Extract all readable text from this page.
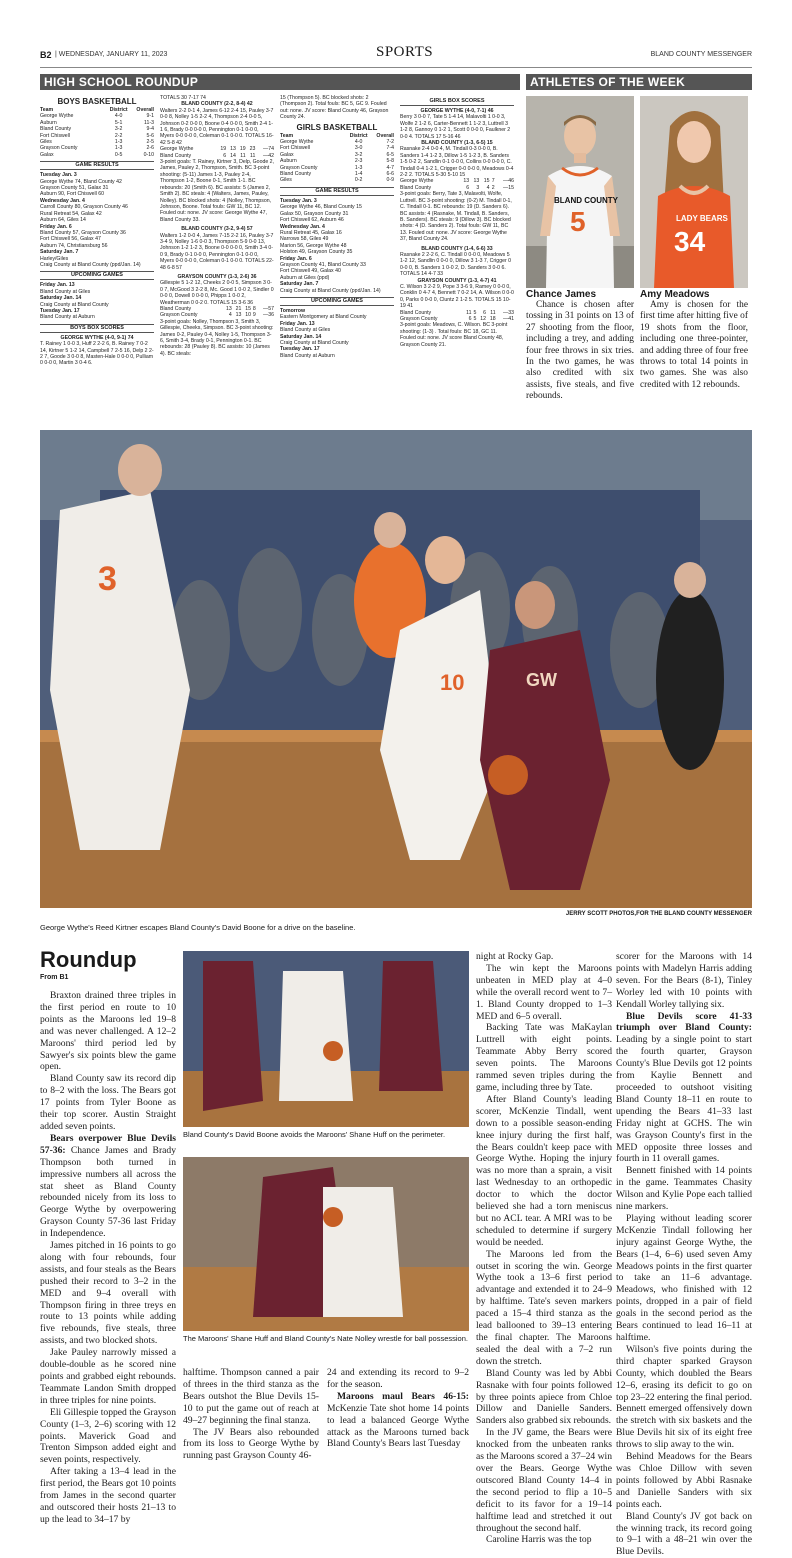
B2 | WEDNESDAY, JANUARY 11, 2023	SPORTS	BLAND COUNTY MESSENGER
HIGH SCHOOL ROUNDUP	ATHLETES OF THE WEEK
BOYS BASKETBALL
Team	District	Overall
George Wythe	4-0	9-1
Auburn	5-1	11-3
Bland County	3-2	9-4
Fort Chiswell	2-2	5-6
Giles	1-3	2-5
Grayson County	1-3	2-6
Galax	0-5	0-10
GAME RESULTS

Tuesday Jan. 3

George Wythe 74, Bland County 42

Grayson County 51, Galax 31

Auburn 90, Fort Chiswell 60

Wednesday Jan. 4

Carroll County 80, Grayson County 46

Rural Retreat 54, Galax 42

Auburn 64, Giles 14

Friday Jan. 6

Bland County 57, Grayson County 36

Fort Chiswell 56, Galax 47

Auburn 74, Christiansburg 56

Saturday Jan. 7

Harley/Giles

Craig County at Bland County (ppd/Jan. 14)

UPCOMING GAMES

Friday Jan. 13

Bland County at Giles

Saturday Jan. 14

Craig County at Bland County

Tuesday Jan. 17

Bland County at Auburn

BOYS BOX SCORES

GEORGE WYTHE (4-0, 9-1) 74

T. Rainey 1 0-0 3, Huff 2 2-2 6, B. Rainey 7 0-2 14, Kirtner 5 1-2 14, Campbell 7 2-5 16, Delp 2 2-2 7, Goode 3 0-0 8, Masten-Hale 0 0-0 0, Pulliam 0 0-0 0, Martin 3 0-4 6.

TOTALS 30 7-17 74

BLAND COUNTY (2-2, 8-4) 42

Walters 2-2 0-1 4, James 6-12 2-4 15, Pauley 3-7 0-0 8, Nolley 1-5 2-2 4, Thompson 2-4 0-0 5, Johnson 0-2 0-0 0, Boone 0-4 0-0 0, Smith 2-4 1-1 6, Brady 0-0 0-0 0, Pennington 0-1 0-0 0, Myers 0-0 0-0 0, Coleman 0-1 0-0 0. TOTALS 16-42 5-8 42

George Wythe	19	13	19	23	—74
Bland County	6	14	11	11	—42

3-point goals: T. Rainey, Kirtner 3, Delp, Goode 2, James, Pauley 2, Thompson, Smith. BC 3-point shooting: (5-11) James 1-3, Pauley 2-4, Thompson 1-2, Boone 0-1, Smith 1-1. BC rebounds: 20 (Smith 6). BC assists: 5 (James 2, Smith 2). BC steals: 4 (Walters, James, Pauley, Nolley). BC blocked shots: 4 (Nolley, Thompson, Johnson, Boone. Total fouls: GW 11, BC 12. Fouled out: none. JV score: George Wythe 47, Bland County 33.

BLAND COUNTY (3-2, 9-4) 57

Walters 1-2 0-0 4, James 7-15 2-2 16, Pauley 3-7 3-4 9, Nolley 1-6 0-0 3, Thompson 5-9 0-0 13, Johnson 1-2 1-2 3, Boone 0-0 0-0 0, Smith 3-4 0-0 9, Brady 0-1 0-0 0, Pennington 0-1 0-0 0, Myers 0-0 0-0 0, Coleman 0-1 0-0 0. TOTALS 22-48 6-8 57

GRAYSON COUNTY (1-3, 2-6) 36

Gillespie 5 1-2 12, Cheeks 2 0-0 5, Simpson 3 0-0 7, McGood 3 2-2 8, Mc. Good 1 0-0 2, Sindler 0 0-0 0, Dowell 0 0-0 0, Phipps 1 0-0 2, Weatherman 0 0-2 0. TOTALS 15 3-6 36

Bland County	13	21	15	8	—57
Grayson County	4	13	10	9	—36

3-point goals: Nolley, Thompson 3, Smith 3, Gillespie, Cheeks, Simpson. BC 3-point shooting: James 0-2, Pauley 0-4, Nolley 1-5, Thompson 3-6, Smith 3-4, Brady 0-1, Pennington 0-1. BC rebounds: 28 (Pauley 8). BC assists: 10 (James 4). BC steals:

15 (Thompson 5). BC blocked shots: 2 (Thompson 2). Total fouls: BC 5, GC 9. Fouled out: none. JV score: Bland County 46, Grayson County 24.

GIRLS BASKETBALL
Team	District	Overall
George Wythe	4-0	7-2
Fort Chiswell	3-0	7-4
Galax	3-2	6-5
Auburn	2-3	5-8
Grayson County	1-3	4-7
Bland County	1-4	6-6
Giles	0-2	0-9
GAME RESULTS

Tuesday Jan. 3

George Wythe 46, Bland County 15

Galax 50, Grayson County 31

Fort Chiswell 62, Auburn 46

Wednesday Jan. 4

Rural Retreat 45, Galax 16

Narrows 58, Giles 49

Marion 56, George Wythe 48

Holston 49, Grayson County 35

Friday Jan. 6

Grayson County 41, Bland County 33

Fort Chiswell 49, Galax 40

Auburn at Giles (ppd)

Saturday Jan. 7

Craig County at Bland County (ppd/Jan. 14)

UPCOMING GAMES

Tomorrow

Eastern Montgomery at Bland County

Friday Jan. 13

Bland County at Giles

Saturday Jan. 14

Craig County at Bland County

Tuesday Jan. 17

Bland County at Auburn

GIRLS BOX SCORES

GEORGE WYTHE (4-0, 7-1) 46

Berry 3 0-0 7, Tate 5 1-4 14, Malavolti 1 0-0 3, Wolfe 2 1-2 6, Carter-Bennett 1 1-2 3, Luttrell 3 1-2 8, Gannoy 0 1-2 1, Scott 0 0-0 0, Faulkner 2 0-0 4. TOTALS 17 5-16 46

BLAND COUNTY (1-3, 6-5) 15

Rasnake 2-4 0-0 4, M. Tindall 0-3 0-0 0, B. Sanders 1-4 1-2 3, Dillow 1-5 1-2 3, B. Sanders 1-5 0-2 2, Sandlin 0-1 0-0 0, Collins 0-0 0-0 0, C. Tindall 0-4 1-2 1, Crigger 0-0 0-0 0, Meadows 0-4 2-2 2. TOTALS 5-30 5-10 15

George Wythe	13	13	15	7	—46
Bland County	6	3	4	2	—15

3-point goals: Berry, Tate 3, Malavolti, Wolfe, Luttrell. BC 3-point shooting: (0-2) M. Tindall 0-1, C. Tindall 0-1. BC rebounds: 19 (D. Sanders 6). BC assists: 4 (Rasnake, M. Tindall, B. Sanders, B. Sanders). BC steals: 9 (Dillow 3). BC blocked shots: 4 (D. Sanders 2). Total fouls: GW 11, BC 13. Fouled out: none. JV score: George Wythe 37, Bland County 24.

BLAND COUNTY (1-4, 6-6) 33

Rasnake 2 2-2 6, C. Tindall 0 0-0 0, Meadows 5 1-2 12, Sandlin 0 0-0 0, Dillow 3 1-3 7, Crigger 0 0-0 0, B. Sanders 1 0-0 2, D. Sanders 3 0-0 6. TOTALS 14 4-7 33

GRAYSON COUNTY (1-3, 4-7) 41

C. Wilson 3 2-2 9, Pope 3 3-6 9, Ramey 0 0-0 0, Conklin 0 4-7 4, Bennett 7 0-2 14, A. Wilson 0 0-0 0, Parks 0 0-0 0, Cluntz 2 1-2 5. TOTALS 15 10-19 41

Bland County	11	5	6	11	—33
Grayson County	6	5	12	18	—41

3-point goals: Meadows, C. Wilson. BC 3-point shooting: (1-3) . Total fouls: BC 18, GC 11. Fouled out: none. JV score Bland County 48, Grayson County 21.

BLAND COUNTY
5	LADY BEARS
34
Chance James

Chance is chosen after tossing in 31 points on 13 of 27 shooting from the floor, including a trey, and adding four free throws in six tries. In the two games, he was also credited with six assists, five steals, and five rebounds.

Amy Meadows

Amy is chosen for the first time after hitting five of 19 shots from the floor, including one three-pointer, and adding three of four free throws to total 14 points in two games. She was also credited with 12 rebounds.

3
10	GW
JERRY SCOTT PHOTOS,FOR THE BLAND COUNTY MESSENGER
George Wythe's Reed Kirtner escapes Bland County's David Boone for a drive on the baseline.
Roundup
From B1

Braxton drained three triples in the first period en route to 10 points as the Maroons led 19–8 and was never challenged. A 12–2 Maroons' third period led by Sawyer's six points blew the game open.

Bland County saw its record dip to 8–2 with the loss. The Bears got 17 points from Tyler Boone as their top scorer. Austin Straight added seven points.

Bears overpower Blue Devils 57-36: Chance James and Brady Thompson both turned in impressive numbers all across the stat sheet as Bland County rebounded nicely from its loss to George Wythe by overpowering Grayson County 57-36 last Friday in Independence.

James pitched in 16 points to go along with four rebounds, four assists, and four steals as the Bears pushed their record to 3–2 in the MED and 9–4 overall with Thompson firing in three treys en route to 13 points while adding five rebounds, five steals, three assists, and two blocked shots.

Jake Pauley narrowly missed a double-double as he scored nine points and grabbed eight rebounds. Teammate Landon Smith dropped in three triples for nine points.

Eli Gillespie topped the Grayson County (1–3, 2–6) scoring with 12 points. Maverick Goad and Trenton Simpson added eight and seven points, respectively.

After taking a 13–4 lead in the first period, the Bears got 10 points from James in the second quarter and outscored their hosts 21–13 to up the lead to 34–17 by

Bland County's David Boone avoids the Maroons' Shane Huff on the perimeter.
The Maroons' Shane Huff and Bland County's Nate Nolley wrestle for ball possession.

halftime. Thompson canned a pair of threes in the third stanza as the Bears outshot the Blue Devils 15-10 to put the game out of reach at 49–27 beginning the final stanza.

The JV Bears also rebounded from its loss to George Wythe by running past Grayson County 46-

24 and extending its record to 9–2 for the season.

Maroons maul Bears 46-15: McKenzie Tate shot home 14 points to lead a balanced George Wythe attack as the Maroons turned back Bland County's Bears last Tuesday

night at Rocky Gap.

The win kept the Maroons unbeaten in MED play at 4–0 while the overall record went to 7–1. Bland County dropped to 1–3 MED and 6–5 overall.

Backing Tate was MaKaylan Luttrell with eight points. Teammate Abby Berry scored seven points. The Maroons rammed seven triples during the game, including three by Tate.

After Bland County's leading scorer, McKenzie Tindall, went down to a possible season-ending knee injury during the first half, the Bears couldn't keep pace with George Wythe. Hoping the injury was no more than a sprain, a visit last Wednesday to an orthopedic doctor to which the doctor believed she had a torn meniscus but no ACL tear. A MRI was to be scheduled to determine if surgery would be needed.

The Maroons led from the outset in scoring the win. George Wythe took a 13–6 first period advantage and extended it to 24–9 by halftime. Tate's seven markers paced a 15–4 third stanza as the lead ballooned to 39–13 entering the final chapter. The Maroons sealed the deal with a 7–2 run down the stretch.

Bland County was led by Abbi Rasnake with four points followed by three points apiece from Chloe Dillow and Danielle Sanders. Sanders also grabbed six rebounds.

In the JV game, the Bears were knocked from the unbeaten ranks as the Maroons scored a 37–24 win over the Bears. George Wythe outscored Bland County 14–4 in the second period to flip a 10–5 deficit to its favor for a 19–14 halftime lead and stretched it out throughout the second half.

Caroline Harris was the top

scorer for the Maroons with 14 points with Madelyn Harris adding seven. For the Bears (8-1), Tinley Worley led with 10 points with Kendall Worley tallying six.

Blue Devils score 41-33 triumph over Bland County: Leading by a single point to start the fourth quarter, Grayson County's Blue Devils got 12 points from Kaylie Bennett and proceeded to outshoot visiting Bland County 18–11 en route to upending the Bears 41–33 last Friday night at GCHS. The win was Grayson County's first in the MED opposite three losses and fourth in 11 overall games.

Bennett finished with 14 points in the game. Teammates Chasity Wilson and Kylie Pope each tallied nine markers.

Playing without leading scorer McKenzie Tindall following her injury against George Wythe, the Bears (1–4, 6–6) used seven Amy Meadows points in the first quarter to take an 11–6 advantage. Meadows, who finished with 12 points, dropped in a pair of field goals in the second period as the Bears continued to lead 16–11 at halftime.

Wilson's five points during the third chapter sparked Grayson County, which doubled the Bears 12–6, erasing its deficit to go on top 23–22 entering the final period. Bennett emerged offensively down the stretch with six baskets and the Blue Devils hit six of its eight free throws to slip away to the win.

Behind Meadows for the Bears was Chloe Dillow with seven points followed by Abbi Rasnake and Danielle Sanders with six points each.

Bland County's JV got back on the winning track, its record going to 9–1 with a 48–21 win over the Blue Devils.
